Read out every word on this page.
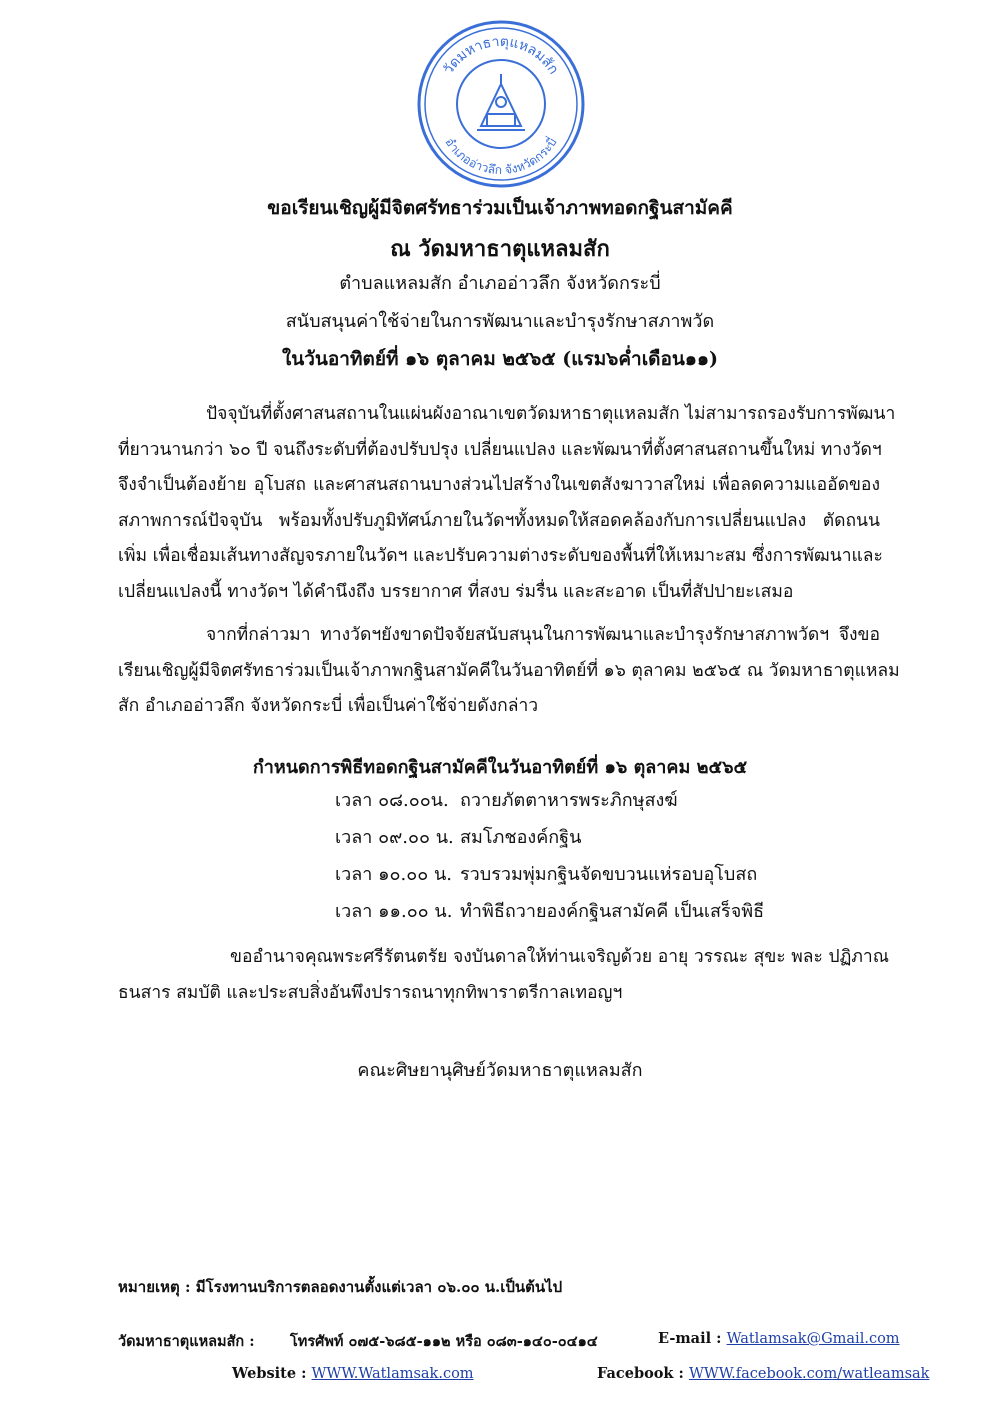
วัดมหาธาตุแหลมสัก
อำเภออ่าวลึก จังหวัดกระบี่
ขอเรียนเชิญผู้มีจิตศรัทธาร่วมเป็นเจ้าภาพทอดกฐินสามัคคี
ณ วัดมหาธาตุแหลมสัก
ตำบลแหลมสัก อำเภออ่าวลึก จังหวัดกระบี่
สนับสนุนค่าใช้จ่ายในการพัฒนาและบำรุงรักษาสภาพวัด
ในวันอาทิตย์ที่ ๑๖ ตุลาคม ๒๕๖๕ (แรม๖ค่ำเดือน๑๑)
ปัจจุบันที่ตั้งศาสนสถานในแผ่นผังอาณาเขตวัดมหาธาตุแหลมสัก ไม่สามารถรองรับการพัฒนา
ที่ยาวนานกว่า ๖๐ ปี จนถึงระดับที่ต้องปรับปรุง เปลี่ยนแปลง และพัฒนาที่ตั้งศาสนสถานขึ้นใหม่ ทางวัดฯ
จึงจำเป็นต้องย้าย อุโบสถ และศาสนสถานบางส่วนไปสร้างในเขตสังฆาวาสใหม่ เพื่อลดความแออัดของ
สภาพการณ์ปัจจุบัน พร้อมทั้งปรับภูมิทัศน์ภายในวัดฯทั้งหมดให้สอดคล้องกับการเปลี่ยนแปลง ตัดถนน
เพิ่ม เพื่อเชื่อมเส้นทางสัญจรภายในวัดฯ และปรับความต่างระดับของพื้นที่ให้เหมาะสม ซึ่งการพัฒนาและ
เปลี่ยนแปลงนี้ ทางวัดฯ ได้คำนึงถึง บรรยากาศ ที่สงบ ร่มรื่น และสะอาด เป็นที่สัปปายะเสมอ
จากที่กล่าวมา ทางวัดฯยังขาดปัจจัยสนับสนุนในการพัฒนาและบำรุงรักษาสภาพวัดฯ จึงขอ
เรียนเชิญผู้มีจิตศรัทธาร่วมเป็นเจ้าภาพกฐินสามัคคีในวันอาทิตย์ที่ ๑๖ ตุลาคม ๒๕๖๕ ณ วัดมหาธาตุแหลม
สัก อำเภออ่าวลึก จังหวัดกระบี่ เพื่อเป็นค่าใช้จ่ายดังกล่าว
กำหนดการพิธีทอดกฐินสามัคคีในวันอาทิตย์ที่ ๑๖ ตุลาคม ๒๕๖๕
เวลา ๐๘.๐๐น. ถวายภัตตาหารพระภิกษุสงฆ์
เวลา ๐๙.๐๐ น. สมโภชองค์กฐิน
เวลา ๑๐.๐๐ น. รวบรวมพุ่มกฐินจัดขบวนแห่รอบอุโบสถ
เวลา ๑๑.๐๐ น. ทำพิธีถวายองค์กฐินสามัคคี เป็นเสร็จพิธี
ขออำนาจคุณพระศรีรัตนตรัย จงบันดาลให้ท่านเจริญด้วย อายุ วรรณะ สุขะ พละ ปฏิภาณ
ธนสาร สมบัติ และประสบสิ่งอันพึงปรารถนาทุกทิพาราตรีกาลเทอญฯ
คณะศิษยานุศิษย์วัดมหาธาตุแหลมสัก
หมายเหตุ : มีโรงทานบริการตลอดงานตั้งแต่เวลา ๐๖.๐๐ น.เป็นต้นไป
วัดมหาธาตุแหลมสัก : โทรศัพท์ ๐๗๕-๖๘๕-๑๑๒ หรือ ๐๘๓-๑๔๐-๐๔๑๔	E-mail : Watlamsak@Gmail.com
Website : WWW.Watlamsak.com	Facebook : WWW.facebook.com/watleamsak
